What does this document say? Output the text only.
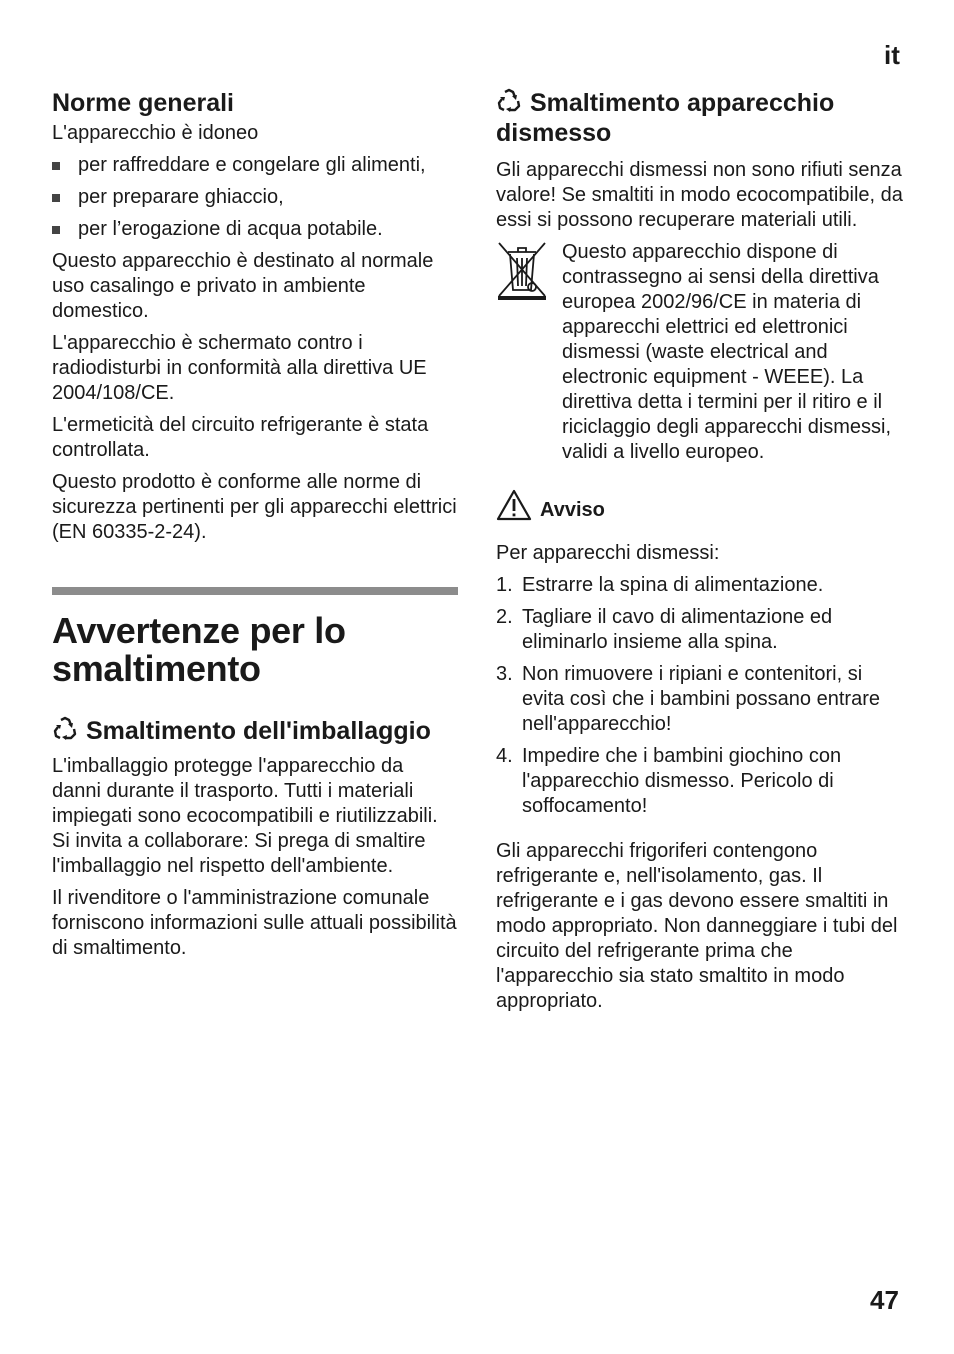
it
Norme generali

L'apparecchio è idoneo

per raffreddare e congelare gli alimenti,
per preparare ghiaccio,
per l’erogazione di acqua potabile.

Questo apparecchio è destinato al normale uso casalingo e privato in ambiente domestico.

L'apparecchio è schermato contro i radiodisturbi in conformità alla direttiva UE 2004/108/CE.

L'ermeticità del circuito refrigerante è stata controllata.

Questo prodotto è conforme alle norme di sicurezza pertinenti per gli apparecchi elettrici (EN 60335-2-24).

Avvertenze per lo smaltimento
Smaltimento dell'imballaggio

L'imballaggio protegge l'apparecchio da danni durante il trasporto. Tutti i materiali impiegati sono ecocompatibili e riutilizzabili. Si invita a collaborare: Si prega di smaltire l'imballaggio nel rispetto dell'ambiente.

Il rivenditore o l'amministrazione comunale forniscono informazioni sulle attuali possibilità di smaltimento.

Smaltimento apparecchio dismesso

Gli apparecchi dismessi non sono rifiuti senza valore! Se smaltiti in modo ecocompatibile, da essi si possono recuperare materiali utili.

Questo apparecchio dispone di contrassegno ai sensi della direttiva europea 2002/96/CE in materia di apparecchi elettrici ed elettronici dismessi (waste electrical and electronic equipment - WEEE). La direttiva detta i termini per il ritiro e il riciclaggio degli apparecchi dismessi, validi a livello europeo.

Avviso

Per apparecchi dismessi:

1. Estrarre la spina di alimentazione.
2. Tagliare il cavo di alimentazione ed eliminarlo insieme alla spina.
3. Non rimuovere i ripiani e contenitori, si evita così che i bambini possano entrare nell'apparecchio!
4. Impedire che i bambini giochino con l'apparecchio dismesso. Pericolo di soffocamento!

Gli apparecchi frigoriferi contengono refrigerante e, nell'isolamento, gas. Il refrigerante e i gas devono essere smaltiti in modo appropriato. Non danneggiare i tubi del circuito del refrigerante prima che l'apparecchio sia stato smaltito in modo appropriato.

47
